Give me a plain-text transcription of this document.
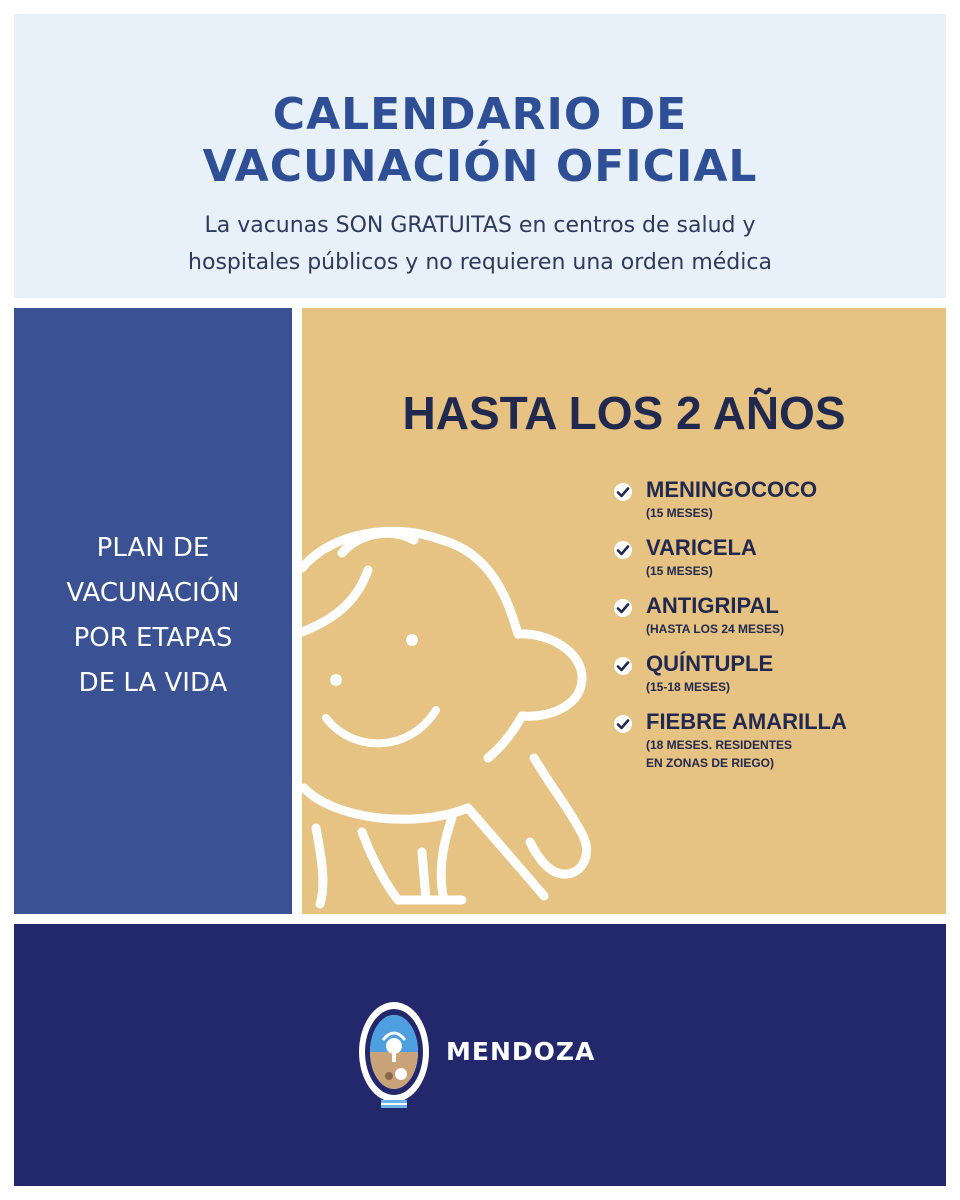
CALENDARIO DE
VACUNACIÓN OFICIAL

La vacunas SON GRATUITAS en centros de salud y
hospitales públicos y no requieren una orden médica

PLAN DE
VACUNACIÓN
POR ETAPAS
DE LA VIDA
HASTA LOS 2 AÑOS
MENINGOCOCO
(15 MESES)
VARICELA
(15 MESES)
ANTIGRIPAL
(HASTA LOS 24 MESES)
QUÍNTUPLE
(15-18 MESES)
FIEBRE AMARILLA
(18 MESES. RESIDENTES
EN ZONAS DE RIEGO)
MENDOZA
